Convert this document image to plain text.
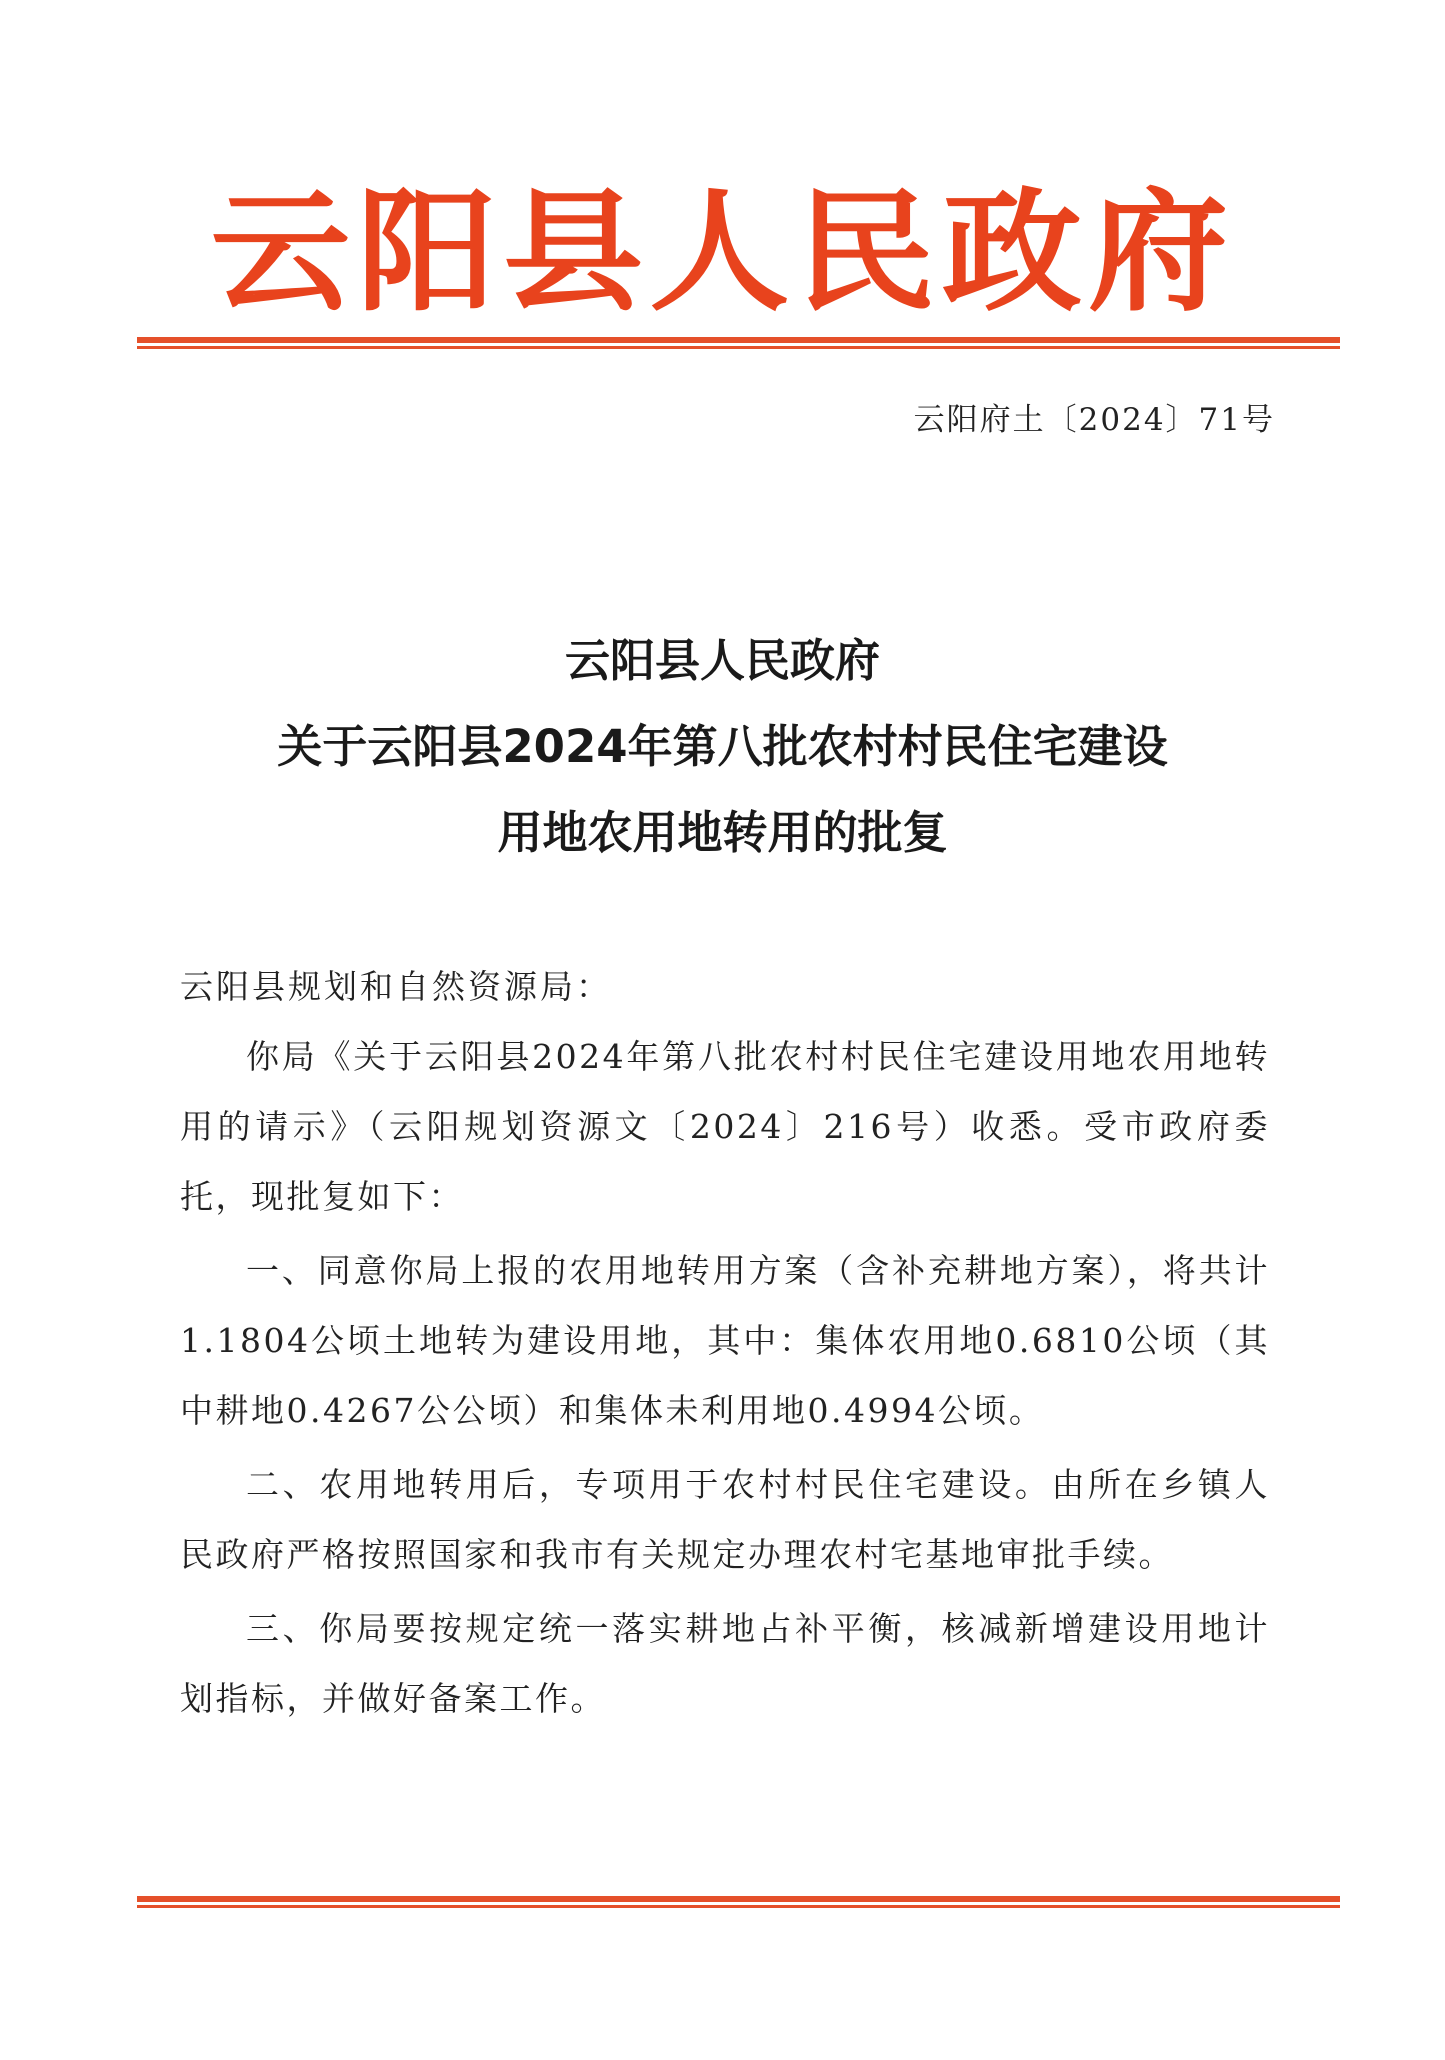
云阳县人民政府
云阳府土〔2024〕71号
云阳县人民政府
关于云阳县2024年第八批农村村民住宅建设
用地农用地转用的批复

云阳县规划和自然资源局：

你局《关于云阳县2024年第八批农村村民住宅建设用地农用地转用的请示》（云阳规划资源文〔2024〕216号）收悉。受市政府委托，现批复如下：

一、同意你局上报的农用地转用方案（含补充耕地方案），将共计1.1804公顷土地转为建设用地，其中：集体农用地0.6810公顷（其中耕地0.4267公公顷）和集体未利用地0.4994公顷。

二、农用地转用后，专项用于农村村民住宅建设。由所在乡镇人民政府严格按照国家和我市有关规定办理农村宅基地审批手续。

三、你局要按规定统一落实耕地占补平衡，核减新增建设用地计划指标，并做好备案工作。
